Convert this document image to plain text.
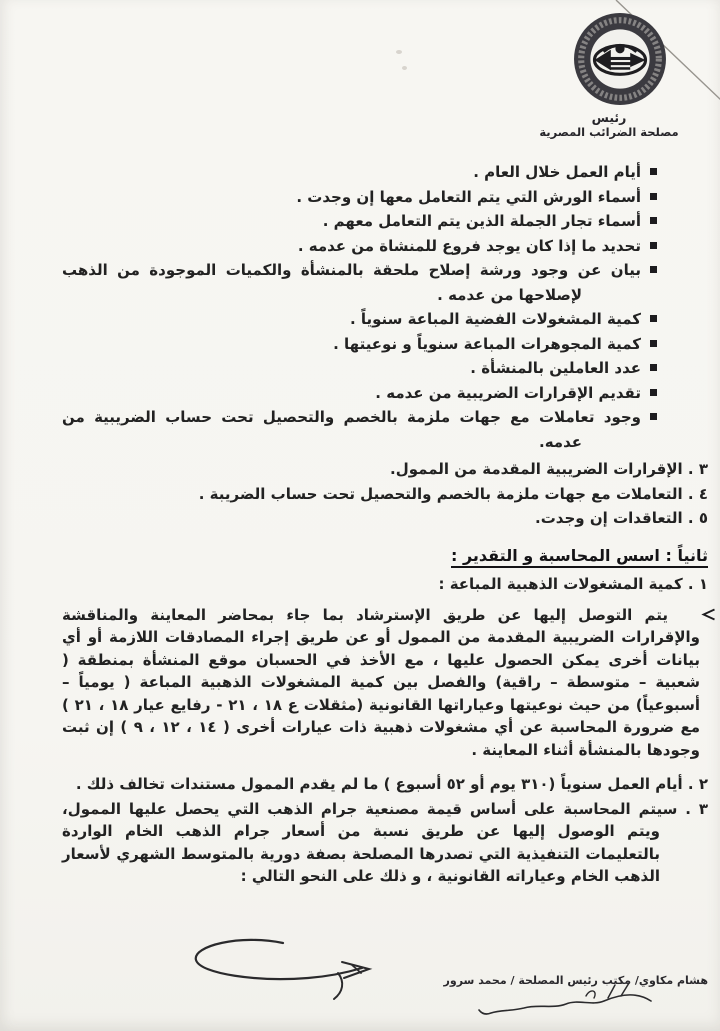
رئيس
مصلحة الضرائب المصرية
أيام العمل خلال العام .
أسماء الورش التي يتم التعامل معها إن وجدت .
أسماء تجار الجملة الذين يتم التعامل معهم .
تحديد ما إذا كان يوجد فروع للمنشاة من عدمه .
بيان عن وجود ورشة إصلاح ملحقة بالمنشأة والكميات الموجودة من الذهب لإصلاحها من عدمه .
كمية المشغولات الفضية المباعة سنوياً .
كمية المجوهرات المباعة سنوياً و نوعيتها .
عدد العاملين بالمنشأة .
تقديم الإقرارات الضريبية من عدمه .
وجود تعاملات مع جهات ملزمة بالخصم والتحصيل تحت حساب الضريبية من عدمه.
٣ . الإقرارات الضريبية المقدمة من الممول.
٤ . التعاملات مع جهات ملزمة بالخصم والتحصيل تحت حساب الضريبة .
٥ . التعاقدات إن وجدت.
ثانياً : اسس المحاسبة و التقدير :
١ . كمية المشغولات الذهبية المباعة :
يتم التوصل إليها عن طريق الإسترشاد بما جاء بمحاضر المعاينة والمناقشة والإقرارات الضريبية المقدمة من الممول أو عن طريق إجراء المصادقات اللازمة أو أي بيانات أخرى يمكن الحصول عليها ، مع الأخذ في الحسبان موقع المنشأة بمنطقة ( شعبية – متوسطة – راقية) والفصل بين كمية المشغولات الذهبية المباعة ( يومياً – أسبوعياً) من حيث نوعيتها وعياراتها القانونية (مثقلات ع ١٨ ، ٢١ - رفايع عيار ١٨ ، ٢١ ) مع ضرورة المحاسبة عن أي مشغولات ذهبية ذات عيارات أخرى ( ١٤ ، ١٢ ، ٩ ) إن ثبت وجودها بالمنشأة أثناء المعاينة .
٢ . أيام العمل سنوياً (٣١٠ يوم أو ٥٢ أسبوع ) ما لم يقدم الممول مستندات تخالف ذلك .
٣ . سيتم المحاسبة على أساس قيمة مصنعية جرام الذهب التي يحصل عليها الممول، ويتم الوصول إليها عن طريق نسبة من أسعار جرام الذهب الخام الواردة بالتعليمات التنفيذية التي تصدرها المصلحة بصفة دورية بالمتوسط الشهري لأسعار الذهب الخام وعياراته القانونية ، و ذلك على النحو التالي :
هشام مكاوي/ مكتب رئيس المصلحة / محمد سرور
